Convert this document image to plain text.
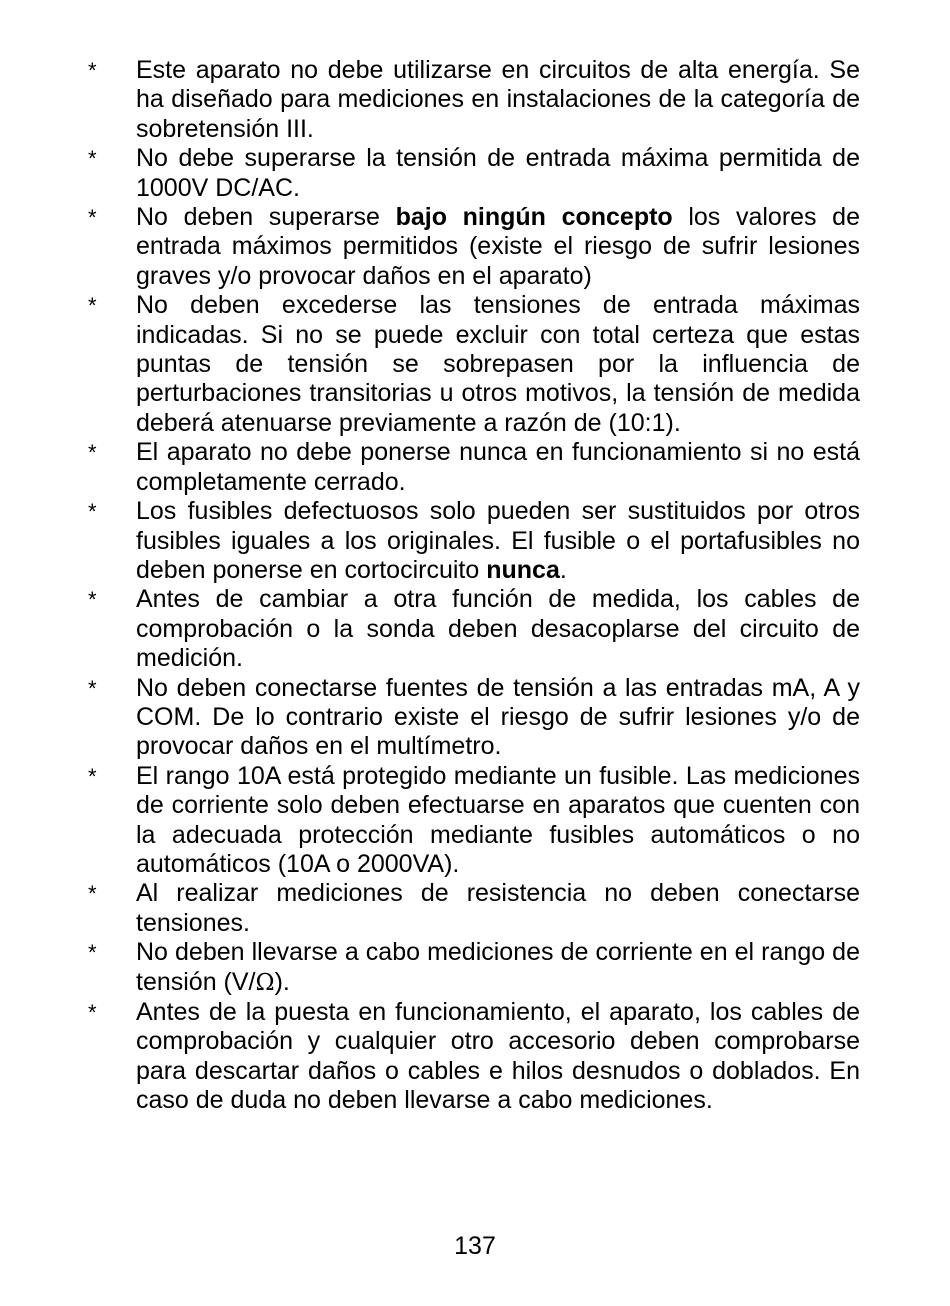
*	Este aparato no debe utilizarse en circuitos de alta energía. Se ha diseñado para mediciones en instalaciones de la categoría de sobretensión III.
*	No debe superarse la tensión de entrada máxima permitida de 1000V DC/AC.
*	No deben superarse bajo ningún concepto los valores de entrada máximos permitidos (existe el riesgo de sufrir lesiones graves y/o provocar daños en el aparato)
*	No deben excederse las tensiones de entrada máximas indicadas. Si no se puede excluir con total certeza que estas puntas de tensión se sobrepasen por la influencia de perturbaciones transitorias u otros motivos, la tensión de medida deberá atenuarse previamente a razón de (10:1).
*	El aparato no debe ponerse nunca en funcionamiento si no está completamente cerrado.
*	Los fusibles defectuosos solo pueden ser sustituidos por otros fusibles iguales a los originales. El fusible o el portafusibles no deben ponerse en cortocircuito nunca.
*	Antes de cambiar a otra función de medida, los cables de comprobación o la sonda deben desacoplarse del circuito de medición.
*	No deben conectarse fuentes de tensión a las entradas mA, A y COM. De lo contrario existe el riesgo de sufrir lesiones y/o de provocar daños en el multímetro.
*	El rango 10A está protegido mediante un fusible. Las mediciones de corriente solo deben efectuarse en aparatos que cuenten con la adecuada protección mediante fusibles automáticos o no automáticos (10A o 2000VA).
*	Al realizar mediciones de resistencia no deben conectarse tensiones.
*	No deben llevarse a cabo mediciones de corriente en el rango de tensión (V/Ω).
*	Antes de la puesta en funcionamiento, el aparato, los cables de comprobación y cualquier otro accesorio deben comprobarse para descartar daños o cables e hilos desnudos o doblados. En caso de duda no deben llevarse a cabo mediciones.
137
